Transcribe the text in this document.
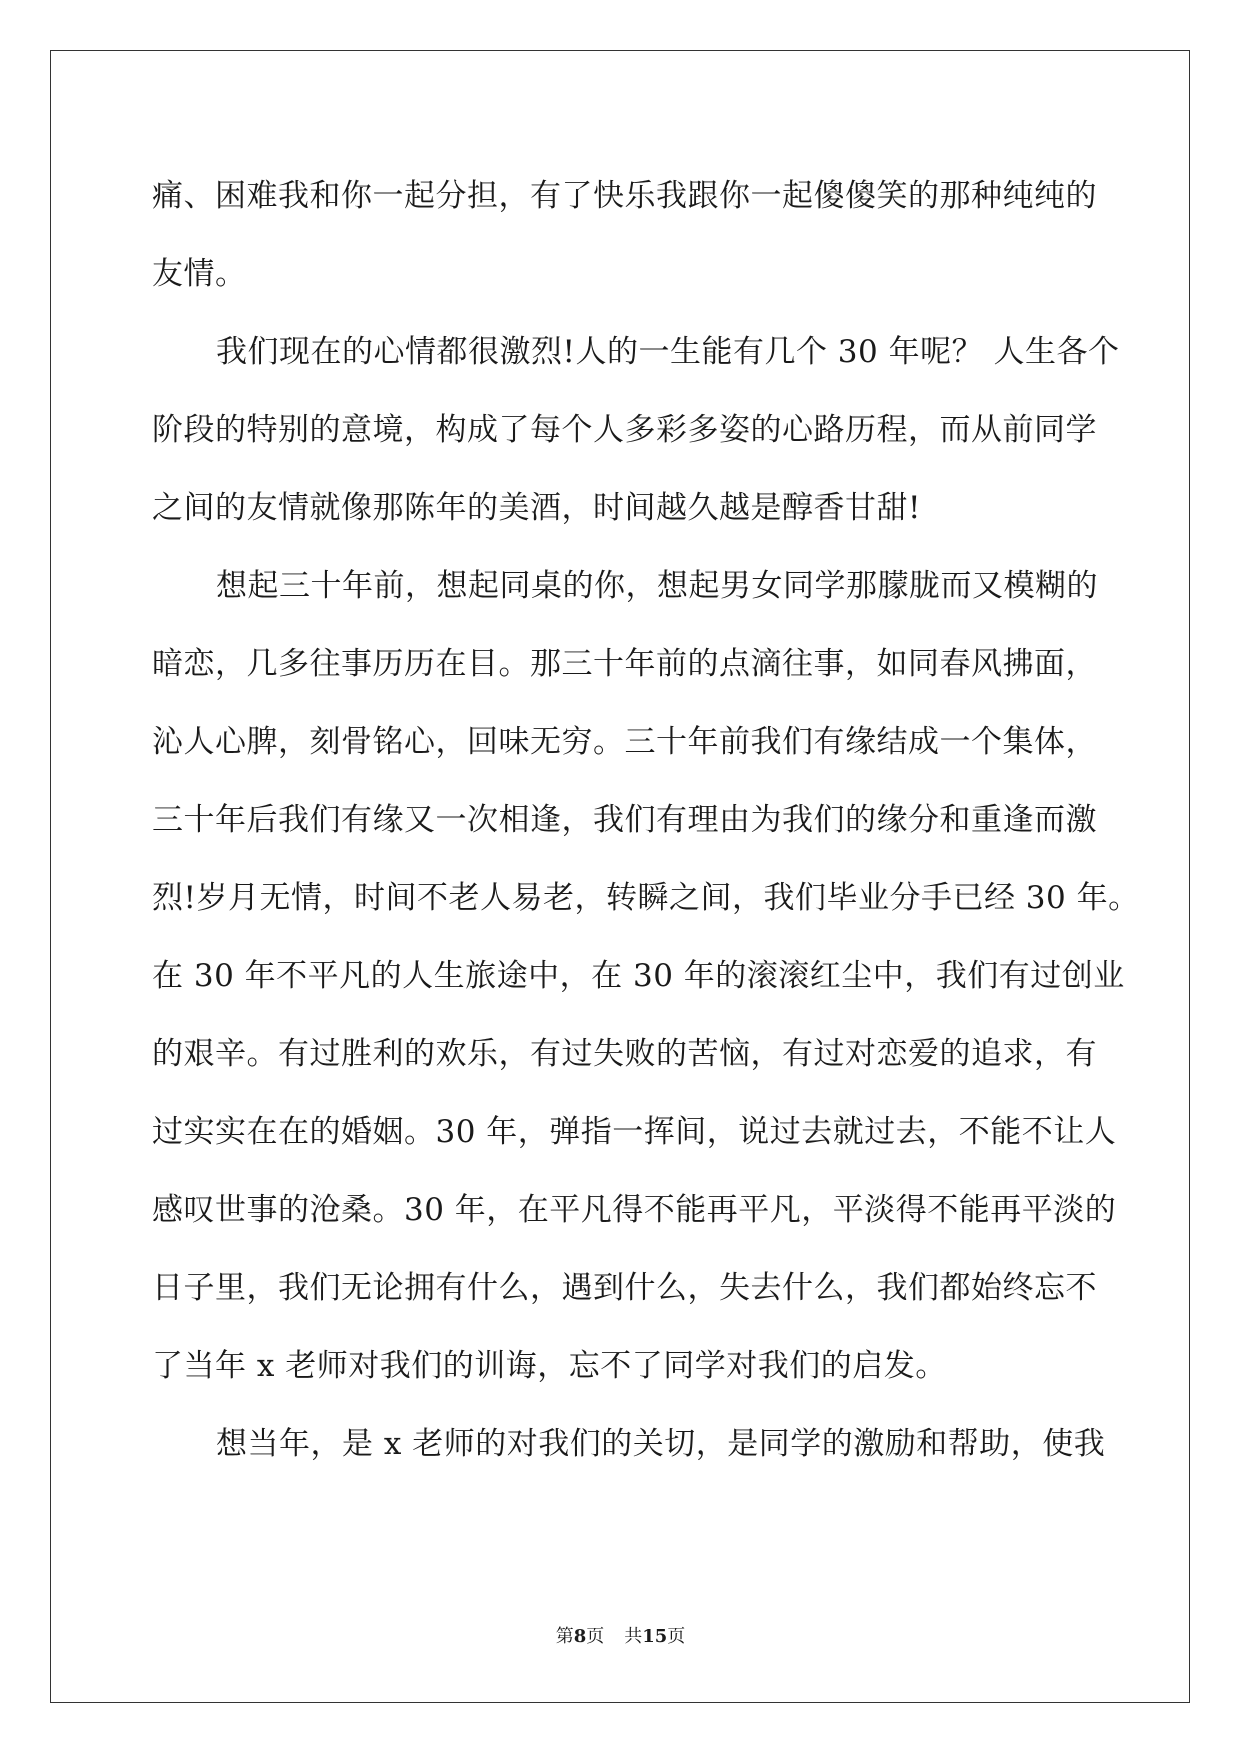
痛、困难我和你一起分担，有了快乐我跟你一起傻傻笑的那种纯纯的
友情。
我们现在的心情都很激烈!人的一生能有几个 30 年呢？ 人生各个
阶段的特别的意境，构成了每个人多彩多姿的心路历程，而从前同学
之间的友情就像那陈年的美酒，时间越久越是醇香甘甜!
想起三十年前，想起同桌的你，想起男女同学那朦胧而又模糊的
暗恋，几多往事历历在目。那三十年前的点滴往事，如同春风拂面，
沁人心脾，刻骨铭心，回味无穷。三十年前我们有缘结成一个集体，
三十年后我们有缘又一次相逢，我们有理由为我们的缘分和重逢而激
烈!岁月无情，时间不老人易老，转瞬之间，我们毕业分手已经 30 年。
在 30 年不平凡的人生旅途中，在 30 年的滚滚红尘中，我们有过创业
的艰辛。有过胜利的欢乐，有过失败的苦恼，有过对恋爱的追求，有
过实实在在的婚姻。30 年，弹指一挥间，说过去就过去，不能不让人
感叹世事的沧桑。30 年，在平凡得不能再平凡，平淡得不能再平淡的
日子里，我们无论拥有什么，遇到什么，失去什么，我们都始终忘不
了当年 x 老师对我们的训诲，忘不了同学对我们的启发。
想当年，是 x 老师的对我们的关切，是同学的激励和帮助，使我
第8页 共15页
